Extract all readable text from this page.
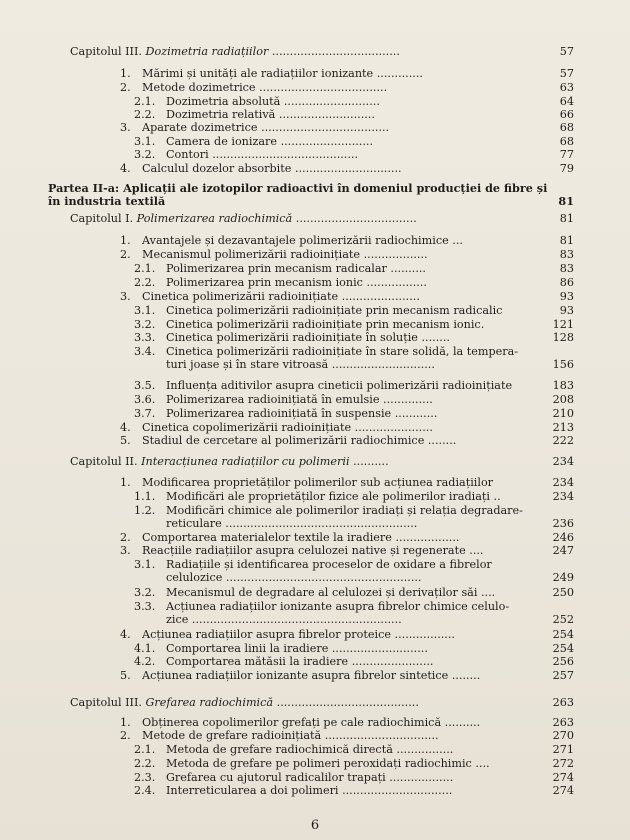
Capitolul III. Dozimetria radiațiilor ....................................	57
1. Mărimi și unități ale radiațiilor ionizante .............	57
2. Metode dozimetrice ....................................	63
2.1. Dozimetria absolută ...........................	64
2.2. Dozimetria relativă ...........................	66
3. Aparate dozimetrice ....................................	68
3.1. Camera de ionizare ..........................	68
3.2. Contori .........................................	77
4. Calculul dozelor absorbite ..............................	79
Partea II-a: Aplicații ale izotopilor radioactivi în domeniul producției de fibre și
în industria textilă	81
Capitolul I. Polimerizarea radiochimică ..................................	81
1. Avantajele și dezavantajele polimerizării radiochimice ...	81
2. Mecanismul polimerizării radioinițiate ..................	83
2.1. Polimerizarea prin mecanism radicalar ..........	83
2.2. Polimerizarea prin mecanism ionic .................	86
3. Cinetica polimerizării radioinițiate ......................	93
3.1. Cinetica polimerizării radioinițiate prin mecanism radicalic	93
3.2. Cinetica polimerizării radioinițiate prin mecanism ionic.	121
3.3. Cinetica polimerizării radioinițiate în soluție ........	128
3.4. Cinetica polimerizării radioinițiate în stare solidă, la tempera-
turi joase și în stare vitroasă .............................	156
3.5. Influența aditivilor asupra cineticii polimerizării radioinițiate	183
3.6. Polimerizarea radioinițiată în emulsie ..............	208
3.7. Polimerizarea radioinițiată în suspensie ............	210
4. Cinetica copolimerizării radioinițiate ......................	213
5. Stadiul de cercetare al polimerizării radiochimice ........	222
Capitolul II. Interacțiunea radiațiilor cu polimerii ..........	234
1. Modificarea proprietăților polimerilor sub acțiunea radiațiilor	234
1.1. Modificări ale proprietăților fizice ale polimerilor iradiați ..	234
1.2. Modificări chimice ale polimerilor iradiați și relația degradare-
reticulare ......................................................	236
2. Comportarea materialelor textile la iradiere ..................	246
3. Reacțiile radiațiilor asupra celulozei native și regenerate ....	247
3.1. Radiațiile și identificarea proceselor de oxidare a fibrelor
celulozice .......................................................	249
3.2. Mecanismul de degradare al celulozei și derivaților săi ....	250
3.3. Acțiunea radiațiilor ionizante asupra fibrelor chimice celulo-
zice ...........................................................	252
4. Acțiunea radiațiilor asupra fibrelor proteice .................	254
4.1. Comportarea linii la iradiere ...........................	254
4.2. Comportarea mătăsii la iradiere .......................	256
5. Acțiunea radiațiilor ionizante asupra fibrelor sintetice ........	257
Capitolul III. Grefarea radiochimică ........................................	263
1. Obținerea copolimerilor grefați pe cale radiochimică ..........	263
2. Metode de grefare radioinițiată ................................	270
2.1. Metoda de grefare radiochimică directă ................	271
2.2. Metoda de grefare pe polimeri peroxidați radiochimic ....	272
2.3. Grefarea cu ajutorul radicalilor trapați ..................	274
2.4. Interreticularea a doi polimeri ...............................	274
6
